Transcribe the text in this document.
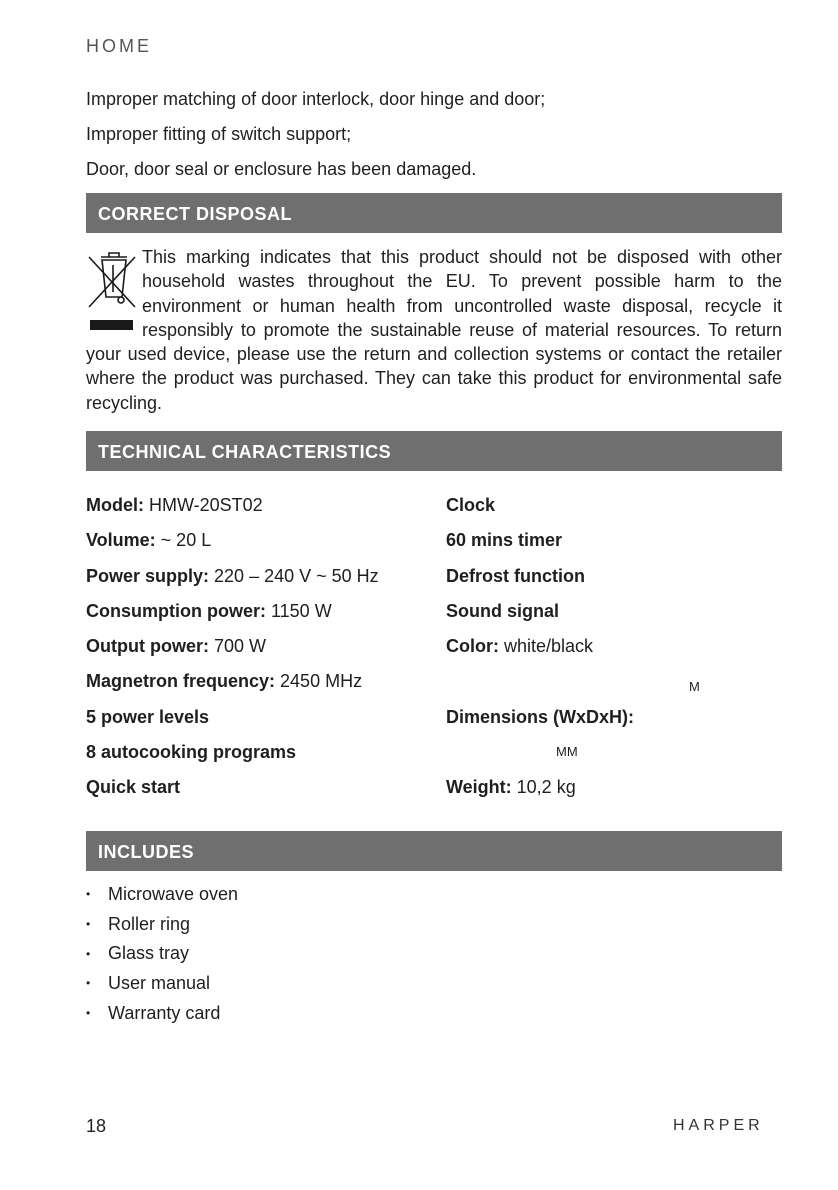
HOME

Improper matching of door interlock, door hinge and door;

Improper fitting of switch support;

Door, door seal or enclosure has been damaged.

CORRECT DISPOSAL

This marking indicates that this product should not be disposed with other household wastes throughout the EU. To prevent possible harm to the environment or human health from uncontrolled waste disposal, recycle it responsibly to promote the sustainable reuse of material resources. To return your used device, please use the return and collection systems or contact the retailer where the product was purchased. They can take this product for environmental safe recycling.

TECHNICAL CHARACTERISTICS
Model: HMW-20ST02
Volume: ~ 20 L
Power supply: 220 – 240 V ~ 50 Hz
Consumption power: 1150 W
Output power: 700 W
Magnetron frequency: 2450 MHz
5 power levels
8 autocooking programs
Quick start
Clock
60 mins timer
Defrost function
Sound signal
Color: white/black
Dimensions (WxDxH):
Weight: 10,2 kg
M
MM
INCLUDES
• Microwave oven
• Roller ring
• Glass tray
• User manual
• Warranty card
18	HARPER
